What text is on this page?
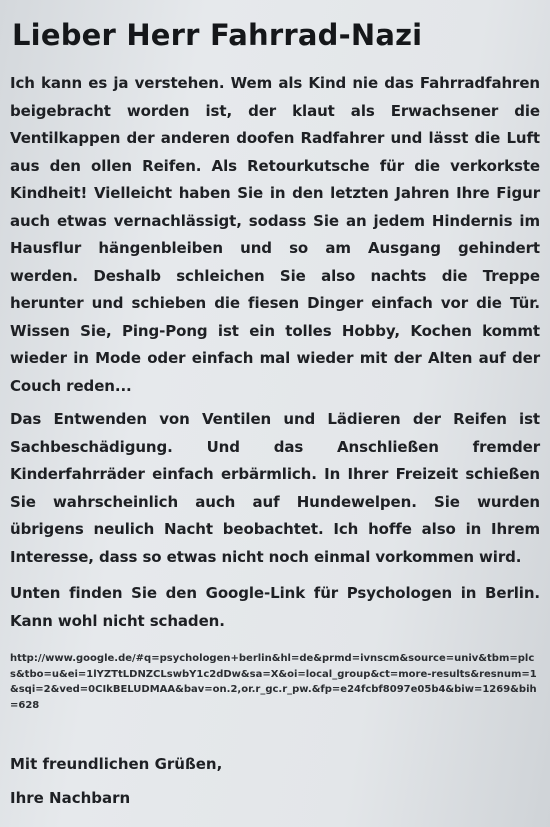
Lieber Herr Fahrrad-Nazi

Ich kann es ja verstehen. Wem als Kind nie das Fahrradfahren beigebracht worden ist, der klaut als Erwachsener die Ventilkappen der anderen doofen Radfahrer und lässt die Luft aus den ollen Reifen. Als Retourkutsche für die verkorkste Kindheit! Vielleicht haben Sie in den letzten Jahren Ihre Figur auch etwas vernachlässigt, sodass Sie an jedem Hindernis im Hausflur hängenbleiben und so am Ausgang gehindert werden. Deshalb schleichen Sie also nachts die Treppe herunter und schieben die fiesen Dinger einfach vor die Tür. Wissen Sie, Ping-Pong ist ein tolles Hobby, Kochen kommt wieder in Mode oder einfach mal wieder mit der Alten auf der Couch reden...

Das Entwenden von Ventilen und Lädieren der Reifen ist Sachbeschädigung. Und das Anschließen fremder Kinderfahrräder einfach erbärmlich. In Ihrer Freizeit schießen Sie wahrscheinlich auch auf Hundewelpen. Sie wurden übrigens neulich Nacht beobachtet. Ich hoffe also in Ihrem Interesse, dass so etwas nicht noch einmal vorkommen wird.

Unten finden Sie den Google-Link für Psychologen in Berlin. Kann wohl nicht schaden.

http://www.google.de/#q=psychologen+berlin&hl=de&prmd=ivnscm&source=univ&tbm=plcs&tbo=u&ei=1lYZTtLDNZCLswbY1c2dDw&sa=X&oi=local_group&ct=more-results&resnum=1&sqi=2&ved=0CIkBELUDMAA&bav=on.2,or.r_gc.r_pw.&fp=e24fcbf8097e05b4&biw=1269&bih=628
Mit freundlichen Grüßen,
Ihre Nachbarn
